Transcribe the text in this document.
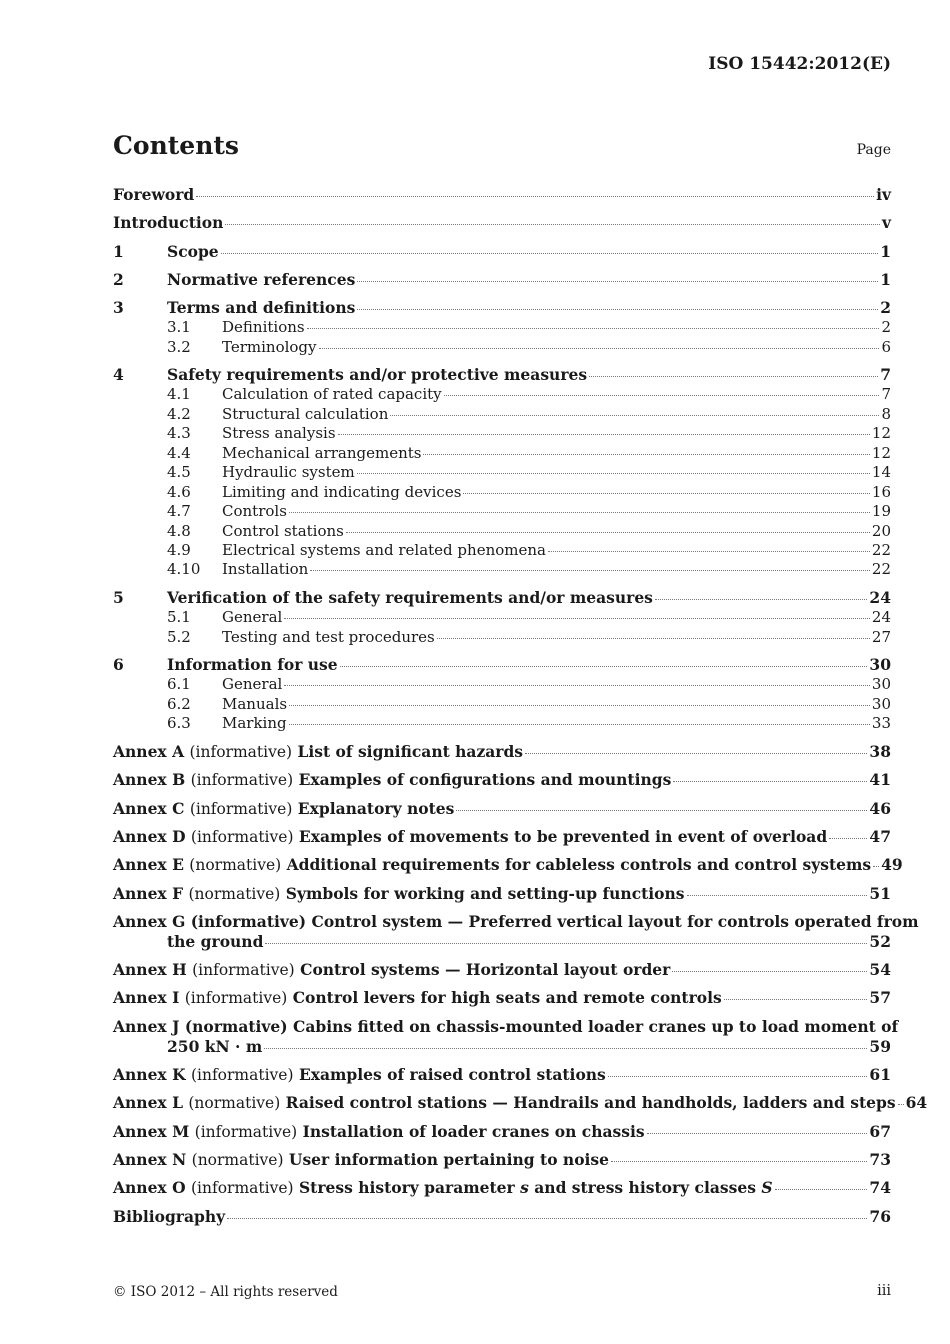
ISO 15442:2012(E)
Contents	Page
Foreword	iv
Introduction	v
1	Scope	1
2	Normative references	1
3	Terms and definitions	2
3.1	Definitions	2
3.2	Terminology	6
4	Safety requirements and/or protective measures	7
4.1	Calculation of rated capacity	7
4.2	Structural calculation	8
4.3	Stress analysis	12
4.4	Mechanical arrangements	12
4.5	Hydraulic system	14
4.6	Limiting and indicating devices	16
4.7	Controls	19
4.8	Control stations	20
4.9	Electrical systems and related phenomena	22
4.10	Installation	22
5	Verification of the safety requirements and/or measures	24
5.1	General	24
5.2	Testing and test procedures	27
6	Information for use	30
6.1	General	30
6.2	Manuals	30
6.3	Marking	33
Annex A (informative) List of significant hazards	38
Annex B (informative) Examples of configurations and mountings	41
Annex C (informative) Explanatory notes	46
Annex D (informative) Examples of movements to be prevented in event of overload	47
Annex E (normative) Additional requirements for cableless controls and control systems 49
Annex F (normative) Symbols for working and setting-up functions	51
Annex G (informative) Control system — Preferred vertical layout for controls operated from
the ground	52
Annex H (informative) Control systems — Horizontal layout order	54
Annex I (informative) Control levers for high seats and remote controls	57
Annex J (normative) Cabins fitted on chassis-mounted loader cranes up to load moment of
250 kN · m	59
Annex K (informative) Examples of raised control stations	61
Annex L (normative) Raised control stations — Handrails and handholds, ladders and steps 64
Annex M (informative) Installation of loader cranes on chassis	67
Annex N (normative) User information pertaining to noise	73
Annex O (informative) Stress history parameter s and stress history classes S	74
Bibliography	76
© ISO 2012 – All rights reserved	iii
